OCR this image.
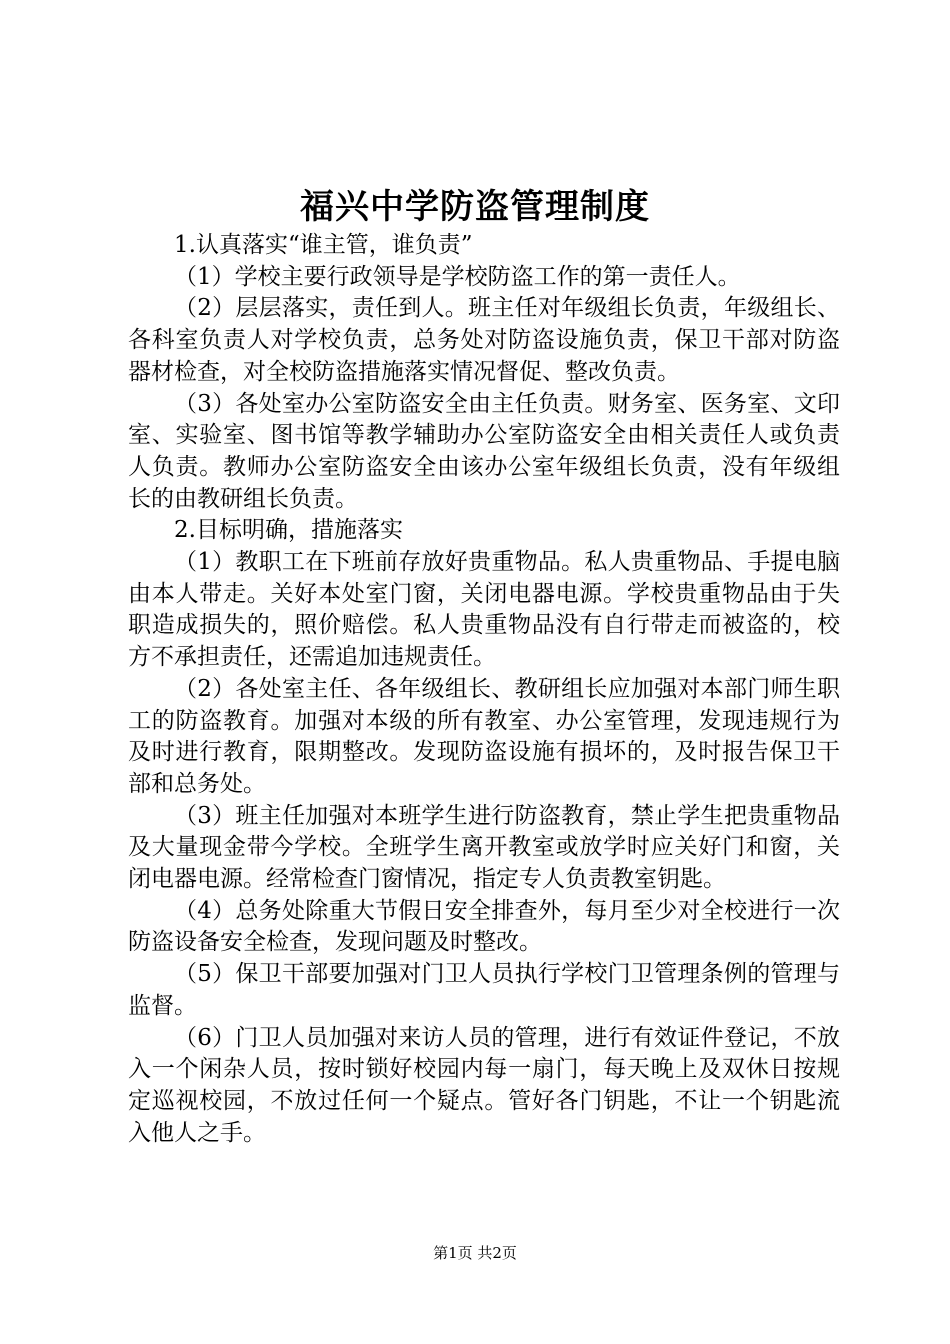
福兴中学防盗管理制度

1.认真落实“谁主管，谁负责”

（1）学校主要行政领导是学校防盗工作的第一责任人。

（2）层层落实，责任到人。班主任对年级组长负责，年级组长、各科室负责人对学校负责，总务处对防盗设施负责，保卫干部对防盗器材检查，对全校防盗措施落实情况督促、整改负责。

（3）各处室办公室防盗安全由主任负责。财务室、医务室、文印室、实验室、图书馆等教学辅助办公室防盗安全由相关责任人或负责人负责。教师办公室防盗安全由该办公室年级组长负责，没有年级组长的由教研组长负责。

2.目标明确，措施落实

（1）教职工在下班前存放好贵重物品。私人贵重物品、手提电脑由本人带走。关好本处室门窗，关闭电器电源。学校贵重物品由于失职造成损失的，照价赔偿。私人贵重物品没有自行带走而被盗的，校方不承担责任，还需追加违规责任。

（2）各处室主任、各年级组长、教研组长应加强对本部门师生职工的防盗教育。加强对本级的所有教室、办公室管理，发现违规行为及时进行教育，限期整改。发现防盗设施有损坏的，及时报告保卫干部和总务处。

（3）班主任加强对本班学生进行防盗教育，禁止学生把贵重物品及大量现金带今学校。全班学生离开教室或放学时应关好门和窗，关闭电器电源。经常检查门窗情况，指定专人负责教室钥匙。

（4）总务处除重大节假日安全排查外，每月至少对全校进行一次防盗设备安全检查，发现问题及时整改。

（5）保卫干部要加强对门卫人员执行学校门卫管理条例的管理与监督。

（6）门卫人员加强对来访人员的管理，进行有效证件登记，不放入一个闲杂人员，按时锁好校园内每一扇门，每天晚上及双休日按规定巡视校园，不放过任何一个疑点。管好各门钥匙，不让一个钥匙流入他人之手。

第1页 共2页
